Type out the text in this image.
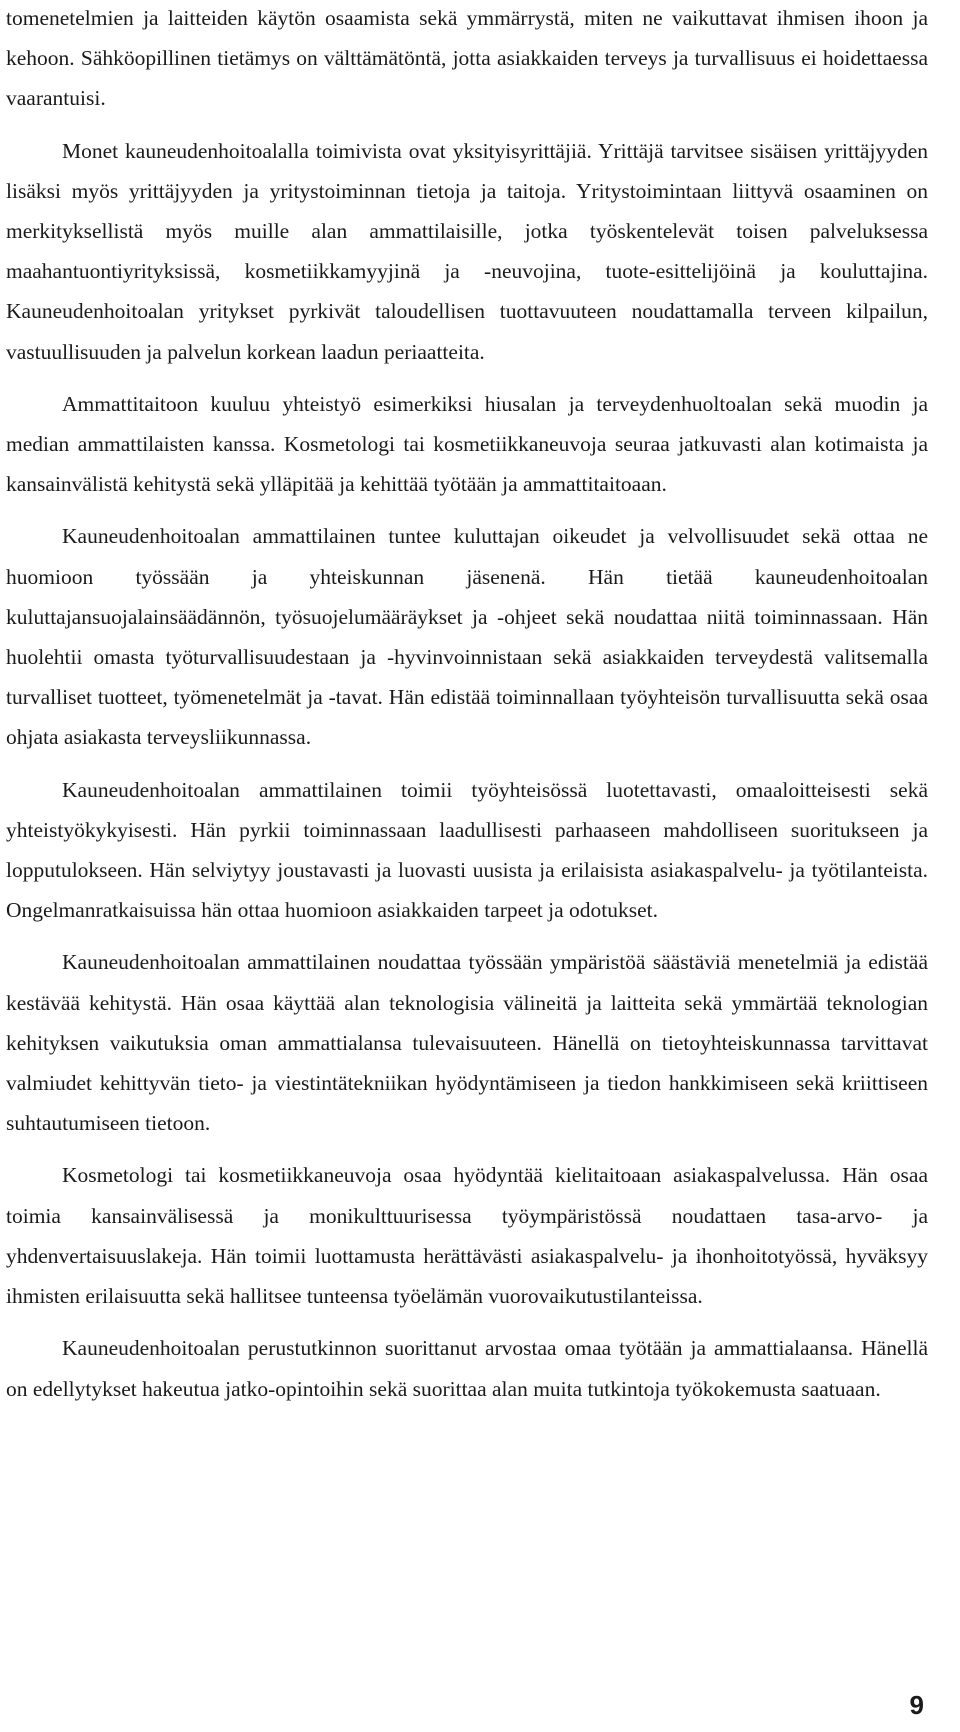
tomenetelmien ja laitteiden käytön osaamista sekä ymmärrystä, miten ne vaikuttavat ihmisen ihoon ja kehoon. Sähköopillinen tietämys on välttämätöntä, jotta asiakkaiden terveys ja turvallisuus ei hoidettaessa vaarantuisi.

Monet kauneudenhoitoalalla toimivista ovat yksityisyrittäjiä. Yrittäjä tarvitsee sisäisen yrittäjyyden lisäksi myös yrittäjyyden ja yritystoiminnan tietoja ja taitoja. Yritystoimintaan liittyvä osaaminen on merkityksellistä myös muille alan ammattilaisille, jotka työskentelevät toisen palveluksessa maahantuontiyrityksissä, kosmetiikkamyyjinä ja -neuvojina, tuote-esittelijöinä ja kouluttajina. Kauneudenhoitoalan yritykset pyrkivät taloudellisen tuottavuuteen noudattamalla terveen kilpailun, vastuullisuuden ja palvelun korkean laadun periaatteita.

Ammattitaitoon kuuluu yhteistyö esimerkiksi hiusalan ja terveydenhuoltoalan sekä muodin ja median ammattilaisten kanssa. Kosmetologi tai kosmetiikkaneuvoja seuraa jatkuvasti alan kotimaista ja kansainvälistä kehitystä sekä ylläpitää ja kehittää työtään ja ammattitaitoaan.

Kauneudenhoitoalan ammattilainen tuntee kuluttajan oikeudet ja velvollisuudet sekä ottaa ne huomioon työssään ja yhteiskunnan jäsenenä. Hän tietää kauneudenhoitoalan kuluttajansuojalainsäädännön, työsuojelumääräykset ja -ohjeet sekä noudattaa niitä toiminnassaan. Hän huolehtii omasta työturvallisuudestaan ja -hyvinvoinnistaan sekä asiakkaiden terveydestä valitsemalla turvalliset tuotteet, työmenetelmät ja -tavat. Hän edistää toiminnallaan työyhteisön turvallisuutta sekä osaa ohjata asiakasta terveysliikunnassa.

Kauneudenhoitoalan ammattilainen toimii työyhteisössä luotettavasti, omaaloitteisesti sekä yhteistyökykyisesti. Hän pyrkii toiminnassaan laadullisesti parhaaseen mahdolliseen suoritukseen ja lopputulokseen. Hän selviytyy joustavasti ja luovasti uusista ja erilaisista asiakaspalvelu- ja työtilanteista. Ongelmanratkaisuissa hän ottaa huomioon asiakkaiden tarpeet ja odotukset.

Kauneudenhoitoalan ammattilainen noudattaa työssään ympäristöä säästäviä menetelmiä ja edistää kestävää kehitystä. Hän osaa käyttää alan teknologisia välineitä ja laitteita sekä ymmärtää teknologian kehityksen vaikutuksia oman ammattialansa tulevaisuuteen. Hänellä on tietoyhteiskunnassa tarvittavat valmiudet kehittyvän tieto- ja viestintätekniikan hyödyntämiseen ja tiedon hankkimiseen sekä kriittiseen suhtautumiseen tietoon.

Kosmetologi tai kosmetiikkaneuvoja osaa hyödyntää kielitaitoaan asiakaspalvelussa. Hän osaa toimia kansainvälisessä ja monikulttuurisessa työympäristössä noudattaen tasa-arvo- ja yhdenvertaisuuslakeja. Hän toimii luottamusta herättävästi asiakaspalvelu- ja ihonhoitotyössä, hyväksyy ihmisten erilaisuutta sekä hallitsee tunteensa työelämän vuorovaikutustilanteissa.

Kauneudenhoitoalan perustutkinnon suorittanut arvostaa omaa työtään ja ammattialaansa. Hänellä on edellytykset hakeutua jatko-opintoihin sekä suorittaa alan muita tutkintoja työkokemusta saatuaan.

9
